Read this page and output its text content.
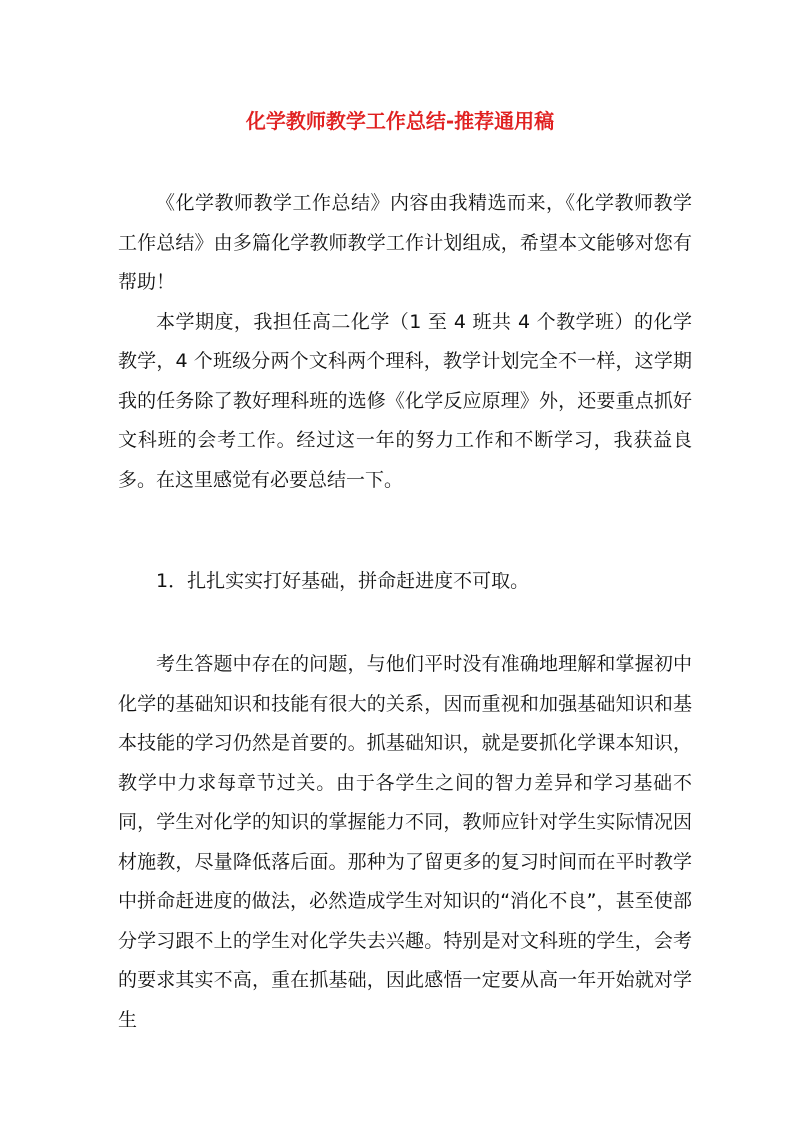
化学教师教学工作总结-推荐通用稿

《化学教师教学工作总结》内容由我精选而来，《化学教师教学工作总结》由多篇化学教师教学工作计划组成，希望本文能够对您有帮助！

本学期度，我担任高二化学（1 至 4 班共 4 个教学班）的化学教学，4 个班级分两个文科两个理科，教学计划完全不一样，这学期我的任务除了教好理科班的选修《化学反应原理》外，还要重点抓好文科班的会考工作。经过这一年的努力工作和不断学习，我获益良多。在这里感觉有必要总结一下。

1．扎扎实实打好基础，拼命赶进度不可取。

考生答题中存在的问题，与他们平时没有准确地理解和掌握初中化学的基础知识和技能有很大的关系，因而重视和加强基础知识和基本技能的学习仍然是首要的。抓基础知识，就是要抓化学课本知识，教学中力求每章节过关。由于各学生之间的智力差异和学习基础不同，学生对化学的知识的掌握能力不同，教师应针对学生实际情况因材施教，尽量降低落后面。那种为了留更多的复习时间而在平时教学中拼命赶进度的做法，必然造成学生对知识的“消化不良”，甚至使部分学习跟不上的学生对化学失去兴趣。特别是对文科班的学生，会考的要求其实不高，重在抓基础，因此感悟一定要从高一年开始就对学生
